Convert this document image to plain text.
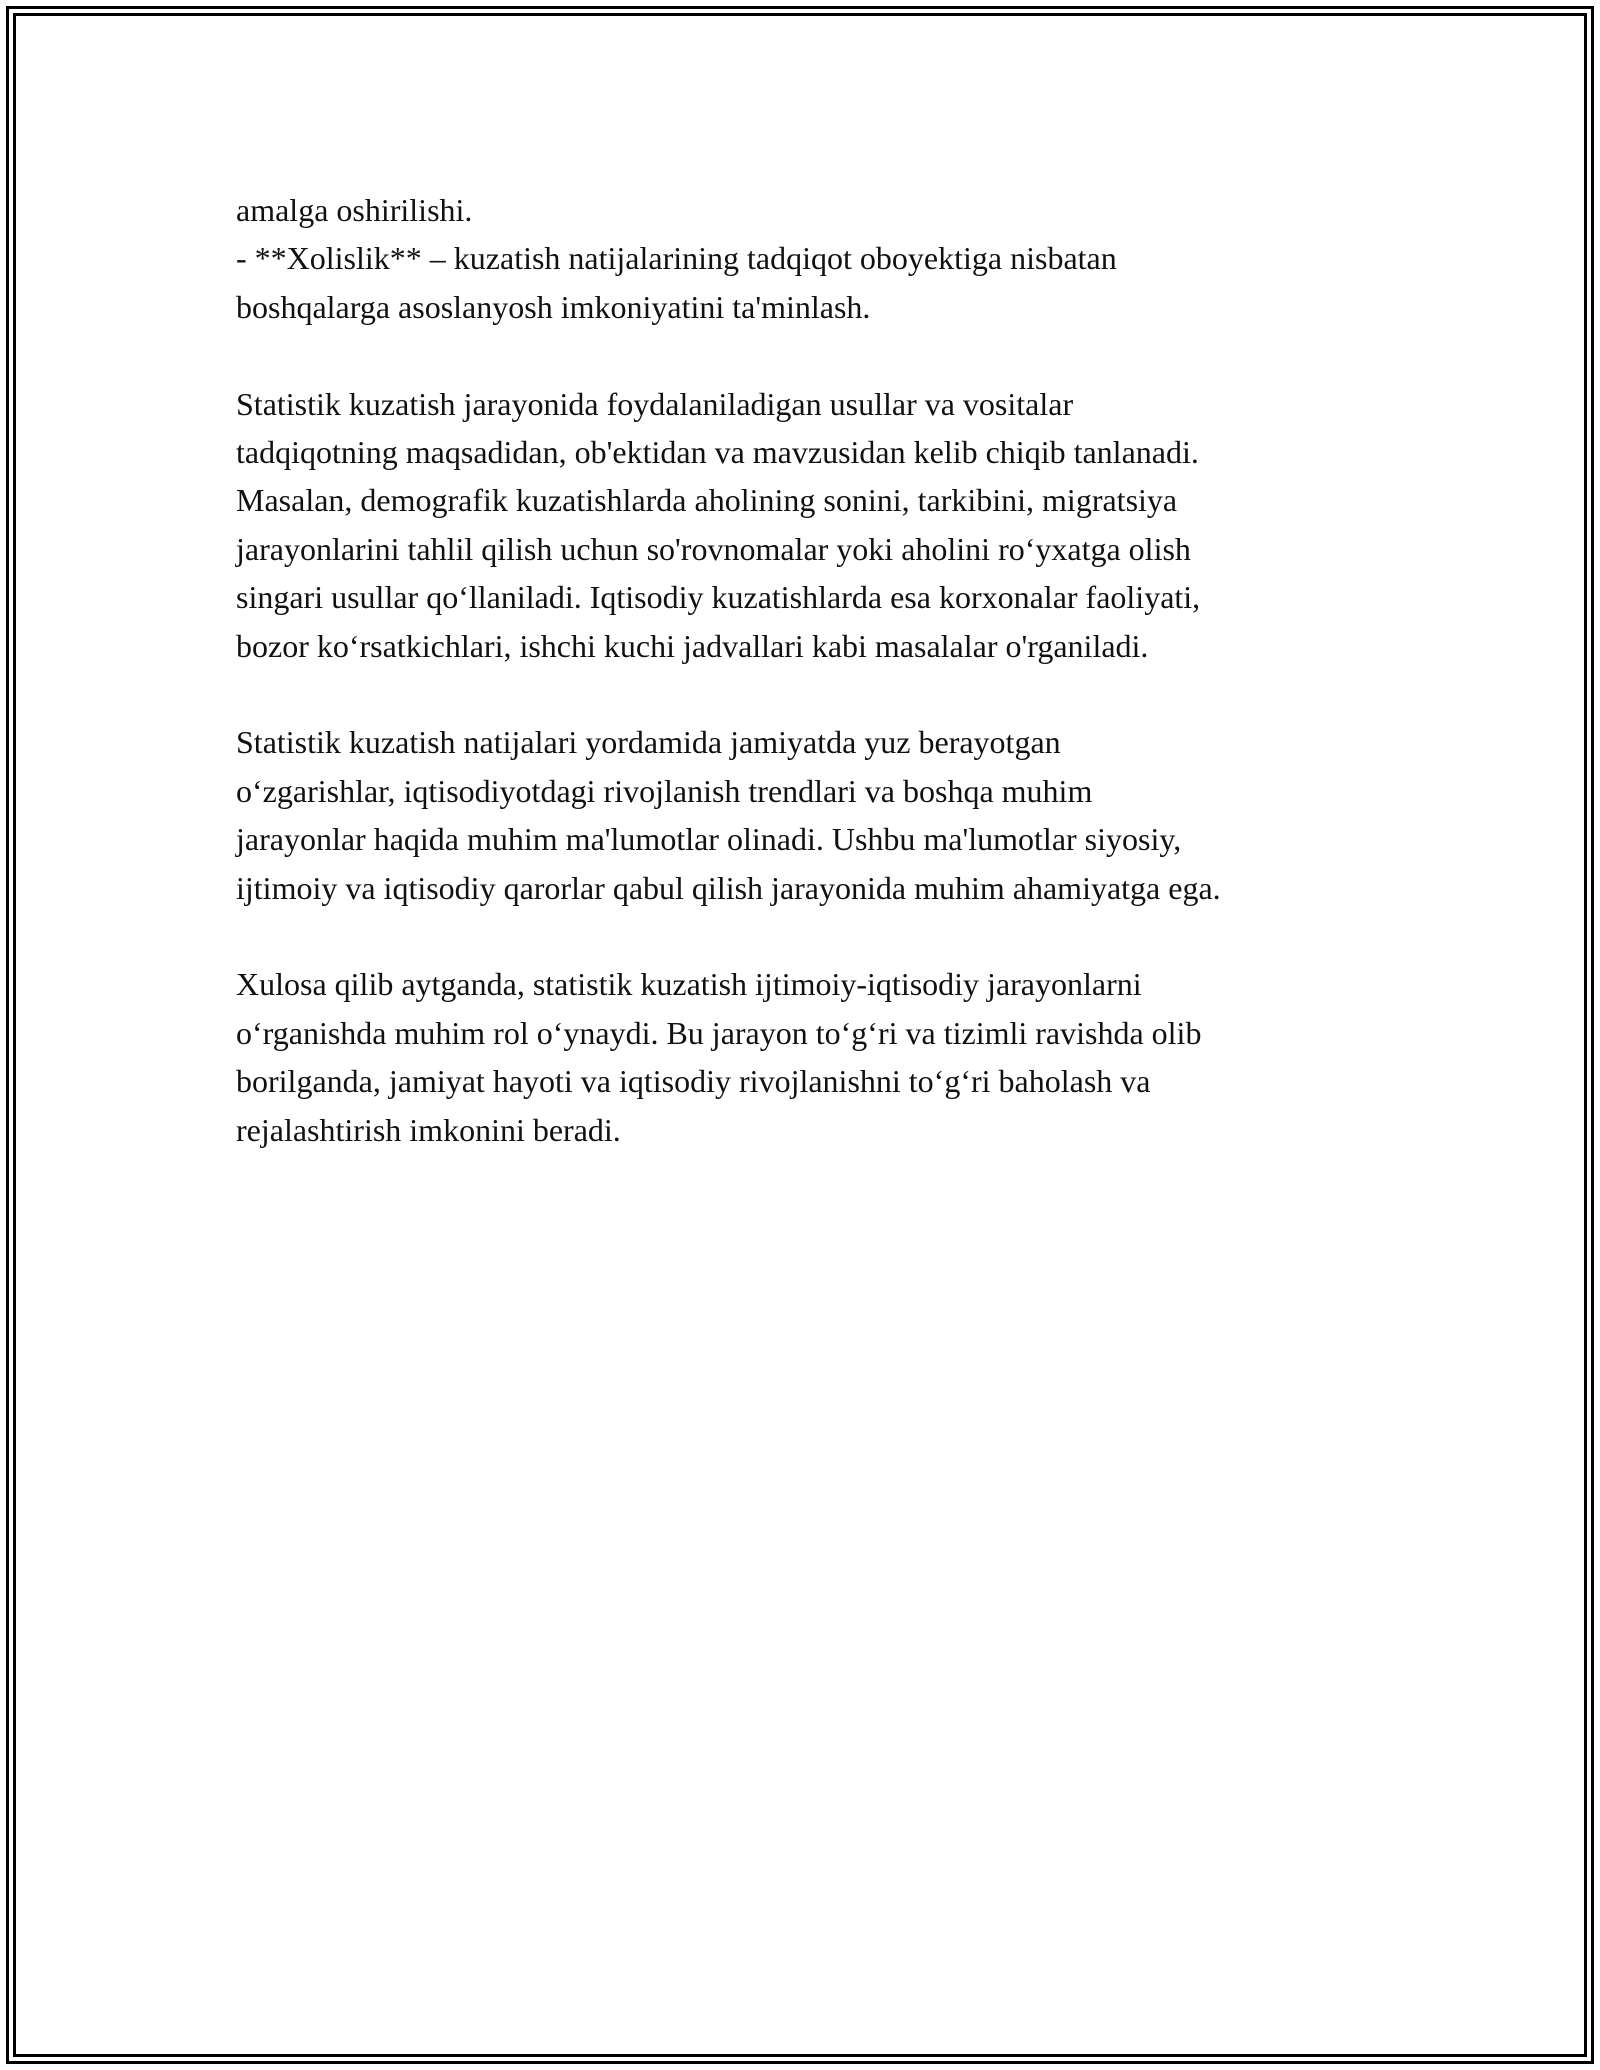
amalga oshirilishi.
- **Xolislik** – kuzatish natijalarining tadqiqot oboyektiga nisbatan
boshqalarga asoslanyosh imkoniyatini ta'minlash.
Statistik kuzatish jarayonida foydalaniladigan usullar va vositalar
tadqiqotning maqsadidan, ob'ektidan va mavzusidan kelib chiqib tanlanadi.
Masalan, demografik kuzatishlarda aholining sonini, tarkibini, migratsiya
jarayonlarini tahlil qilish uchun so'rovnomalar yoki aholini ro‘yxatga olish
singari usullar qo‘llaniladi. Iqtisodiy kuzatishlarda esa korxonalar faoliyati,
bozor ko‘rsatkichlari, ishchi kuchi jadvallari kabi masalalar o'rganiladi.
Statistik kuzatish natijalari yordamida jamiyatda yuz berayotgan
o‘zgarishlar, iqtisodiyotdagi rivojlanish trendlari va boshqa muhim
jarayonlar haqida muhim ma'lumotlar olinadi. Ushbu ma'lumotlar siyosiy,
ijtimoiy va iqtisodiy qarorlar qabul qilish jarayonida muhim ahamiyatga ega.
Xulosa qilib aytganda, statistik kuzatish ijtimoiy-iqtisodiy jarayonlarni
o‘rganishda muhim rol o‘ynaydi. Bu jarayon to‘g‘ri va tizimli ravishda olib
borilganda, jamiyat hayoti va iqtisodiy rivojlanishni to‘g‘ri baholash va
rejalashtirish imkonini beradi.
